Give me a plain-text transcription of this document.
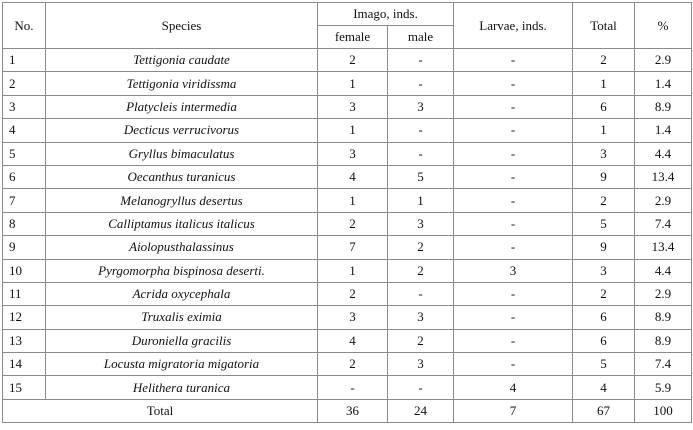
No.	Species	Imago, inds.		Larvae, inds.	Total	%
		female	male			
1	Tettigonia caudate	2	-	-	2	2.9
2	Tettigonia viridissma	1	-	-	1	1.4
3	Platycleis intermedia	3	3	-	6	8.9
4	Decticus verrucivorus	1	-	-	1	1.4
5	Gryllus bimaculatus	3	-	-	3	4.4
6	Oecanthus turanicus	4	5	-	9	13.4
7	Melanogryllus desertus	1	1	-	2	2.9
8	Calliptamus italicus italicus	2	3	-	5	7.4
9	Aiolopusthalassinus	7	2	-	9	13.4
10	Pyrgomorpha bispinosa deserti.	1	2	3	3	4.4
11	Acrida oxycephala	2	-	-	2	2.9
12	Truxalis eximia	3	3	-	6	8.9
13	Duroniella gracilis	4	2	-	6	8.9
14	Locusta migratoria migatoria	2	3	-	5	7.4
15	Helithera turanica	-	-	4	4	5.9
Total		36	24	7	67	100
